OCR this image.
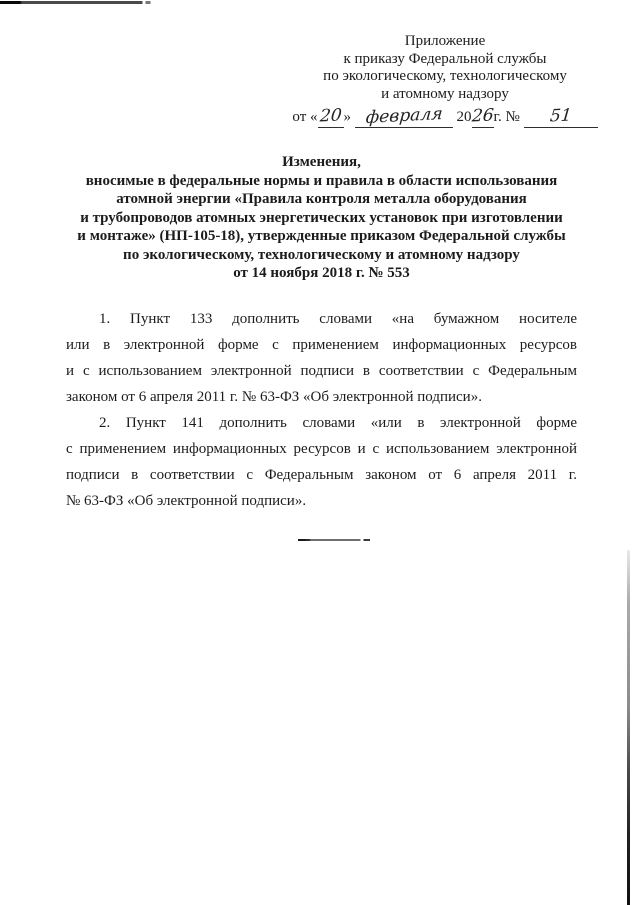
Приложение
к приказу Федеральной службы
по экологическому, технологическому
и атомному надзору
от «20» февраля 2026г. № 51
Изменения,
вносимые в федеральные нормы и правила в области использования
атомной энергии «Правила контроля металла оборудования
и трубопроводов атомных энергетических установок при изготовлении
и монтаже» (НП-105-18), утвержденные приказом Федеральной службы
по экологическому, технологическому и атомному надзору
от 14 ноября 2018 г. № 553
1. Пункт 133 дополнить словами «на бумажном носителе
или в электронной форме с применением информационных ресурсов
и с использованием электронной подписи в соответствии с Федеральным
законом от 6 апреля 2011 г. № 63-ФЗ «Об электронной подписи».
2. Пункт 141 дополнить словами «или в электронной форме
с применением информационных ресурсов и с использованием электронной
подписи в соответствии с Федеральным законом от 6 апреля 2011 г.
№ 63-ФЗ «Об электронной подписи».
